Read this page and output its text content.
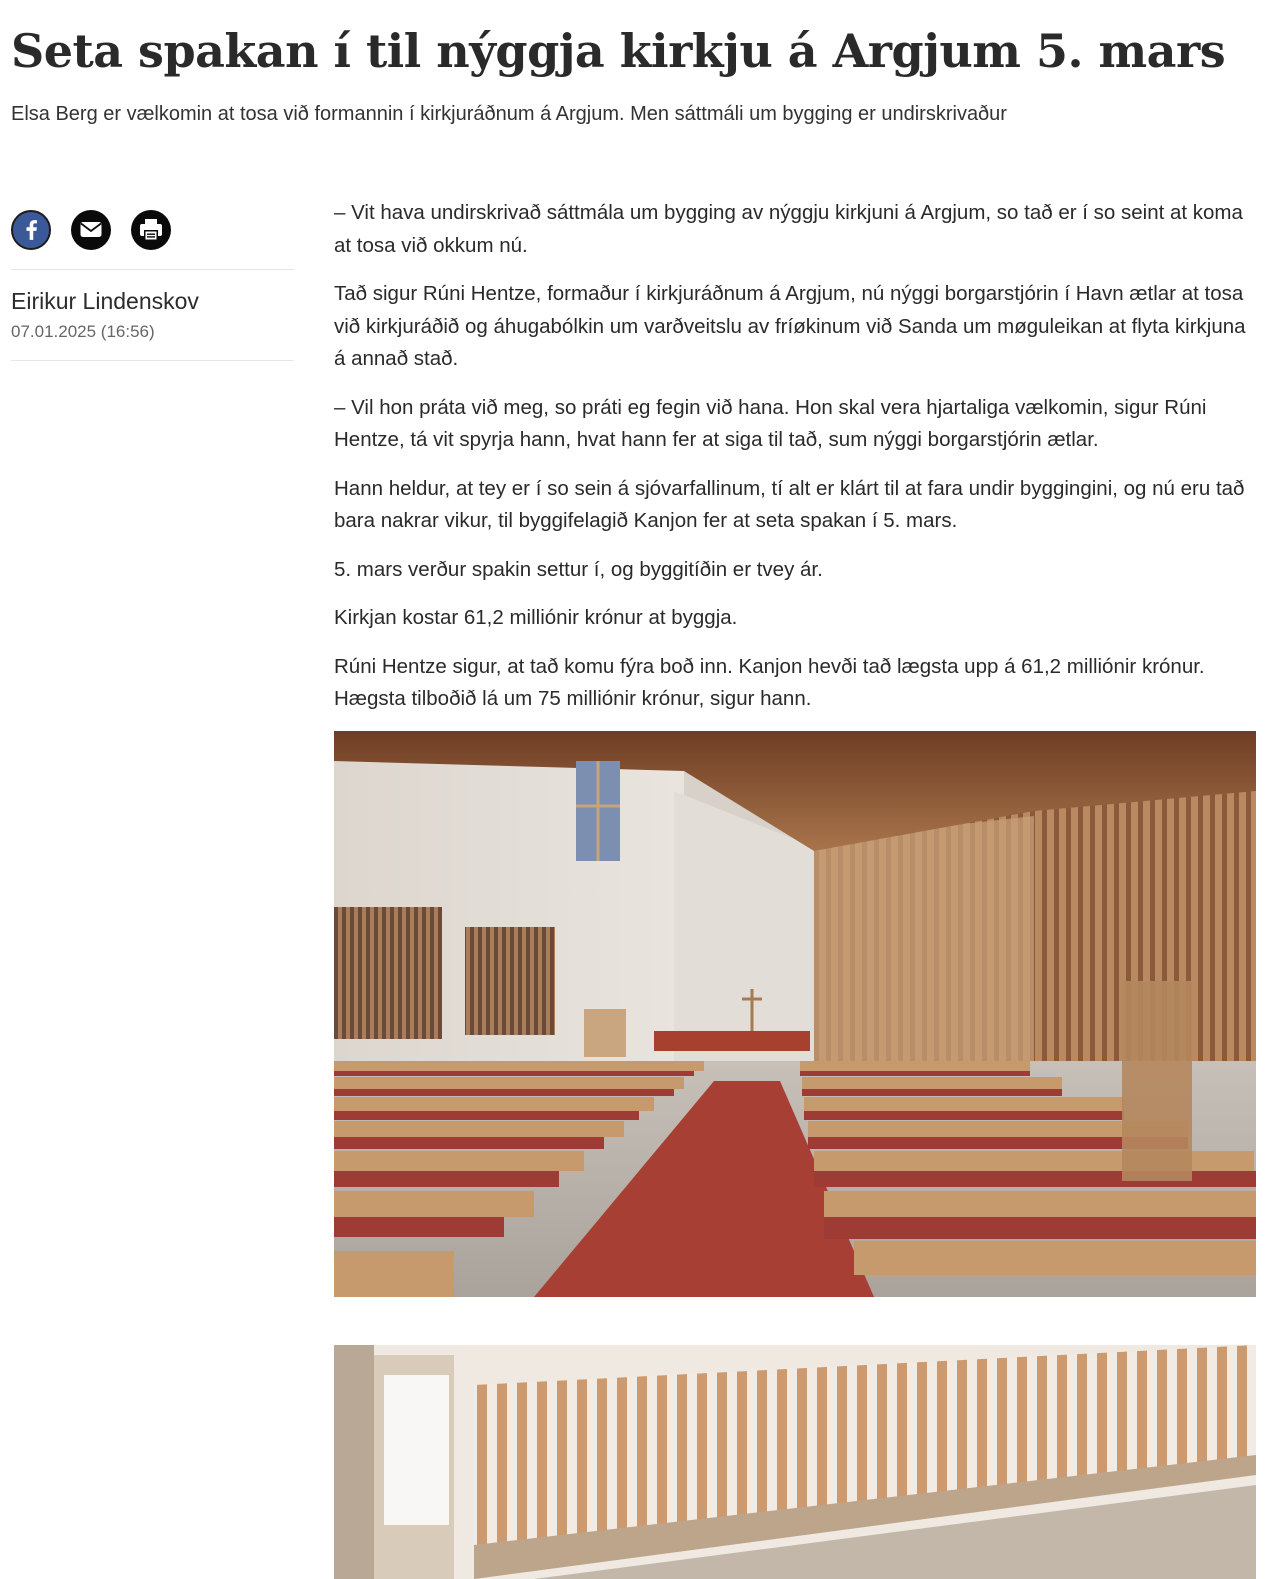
Seta spakan í til nýggja kirkju á Argjum 5. mars

Elsa Berg er vælkomin at tosa við formannin í kirkjuráðnum á Argjum. Men sáttmáli um bygging er undirskrivaður

Eirikur Lindenskov
07.01.2025 (16:56)

– Vit hava undirskrivað sáttmála um bygging av nýggju kirkjuni á Argjum, so tað er í so seint at koma at tosa við okkum nú.

Tað sigur Rúni Hentze, formaður í kirkjuráðnum á Argjum, nú nýggi borgarstjórin í Havn ætlar at tosa við kirkjuráðið og áhugabólkin um varðveitslu av fríøkinum við Sanda um møguleikan at flyta kirkjuna á annað stað.

– Vil hon práta við meg, so práti eg fegin við hana. Hon skal vera hjartaliga vælkomin, sigur Rúni Hentze, tá vit spyrja hann, hvat hann fer at siga til tað, sum nýggi borgarstjórin ætlar.

Hann heldur, at tey er í so sein á sjóvarfallinum, tí alt er klárt til at fara undir byggingini, og nú eru tað bara nakrar vikur, til byggifelagið Kanjon fer at seta spakan í 5. mars.

5. mars verður spakin settur í, og byggitíðin er tvey ár.

Kirkjan kostar 61,2 milliónir krónur at byggja.

Rúni Hentze sigur, at tað komu fýra boð inn. Kanjon hevði tað lægsta upp á 61,2 milliónir krónur. Hægsta tilboðið lá um 75 milliónir krónur, sigur hann.
